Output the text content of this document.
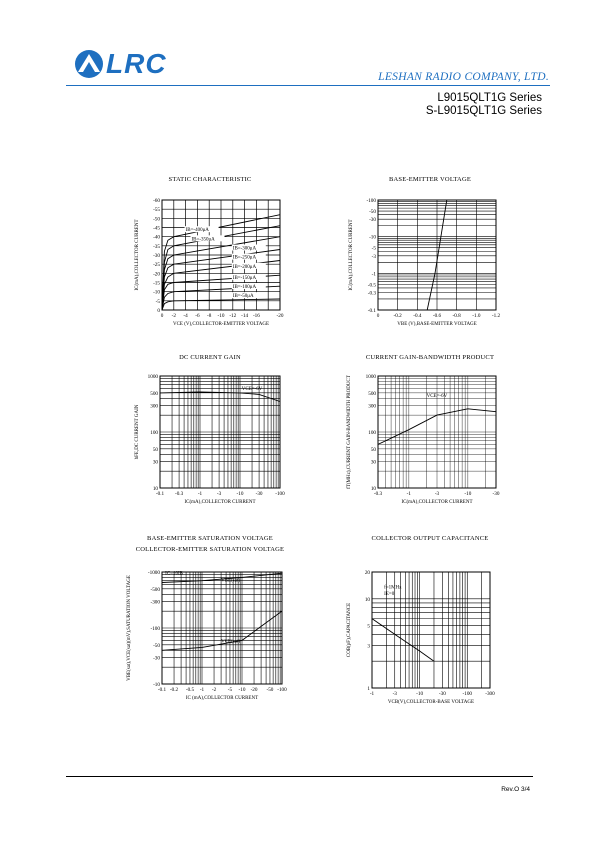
LRC	LESHAN RADIO COMPANY, LTD.
L9015QLT1G Series
S-L9015QLT1G Series
STATIC CHARACTERISTIC	BASE-EMITTER VOLTAGE
DC CURRENT GAIN	CURRENT GAIN-BANDWIDTH PRODUCT
BASE-EMITTER SATURATION VOLTAGE
COLLECTOR-EMITTER SATURATION VOLTAGE
COLLECTOR OUTPUT CAPACITANCE
0 -2 -4 -6 -8 -10 -12 -14 -16	-20
-60
-55
-50
-45
-40
-35
-30
-25
-20
-15
-10
-5
0
VCE (V),COLLECTOR-EMITTER VOLTAGE
IC(mA),COLLECTOR CURRENT	IB=-400μA
IB=-350μA
IB=-300μA
IB=-250μA
IB=-200μA
IB=-150μA
IB=-100μA
IB=-50μA
0	-0.2 -0.4 -0.6 -0.8 -1.0 -1.2
-100
-50
-30
-10
-5
-3
-1
-0.5
-0.3
-0.1
VBE (V),BASE-EMITTER VOLTAGE
IC(mA),COLLECTOR CURRENT
-0.1 -0.3	-1	-3	-10 -30 -100
1000
500
300
100
50
30
10
IC(mA),COLLECTOR CURRENT
hFE,DC CURRENT GAIN
VCE=-6V
-0.3	-1	-3	-10	-30
1000
500
300
100
50
30
10
IC(mA),COLLECTOR CURRENT
fT(MHz),CURRENT GAIN-BANDWIDTH PRODUCT	VCE=-6V
-0.1 -0.2 -0.5 -1 -2 -5 -10 -20 -50 -100
-1000
-500
-300
-100
-50
-30
-10
IC (mA),COLLECTOR CURRENT
VBE(sat),VCE(sat)(mV),SATURATION VOLTAGE
IC=10IB
VBE(sat)
VCE(sat)
-1	-3	-10	-30	-100	-300
20
10
5
3
1
VCB(V),COLLECTOR-BASE VOLTAGE
COB(pF),CAPACITANCE
f=1MHz
IE=0
Rev.O 3/4
